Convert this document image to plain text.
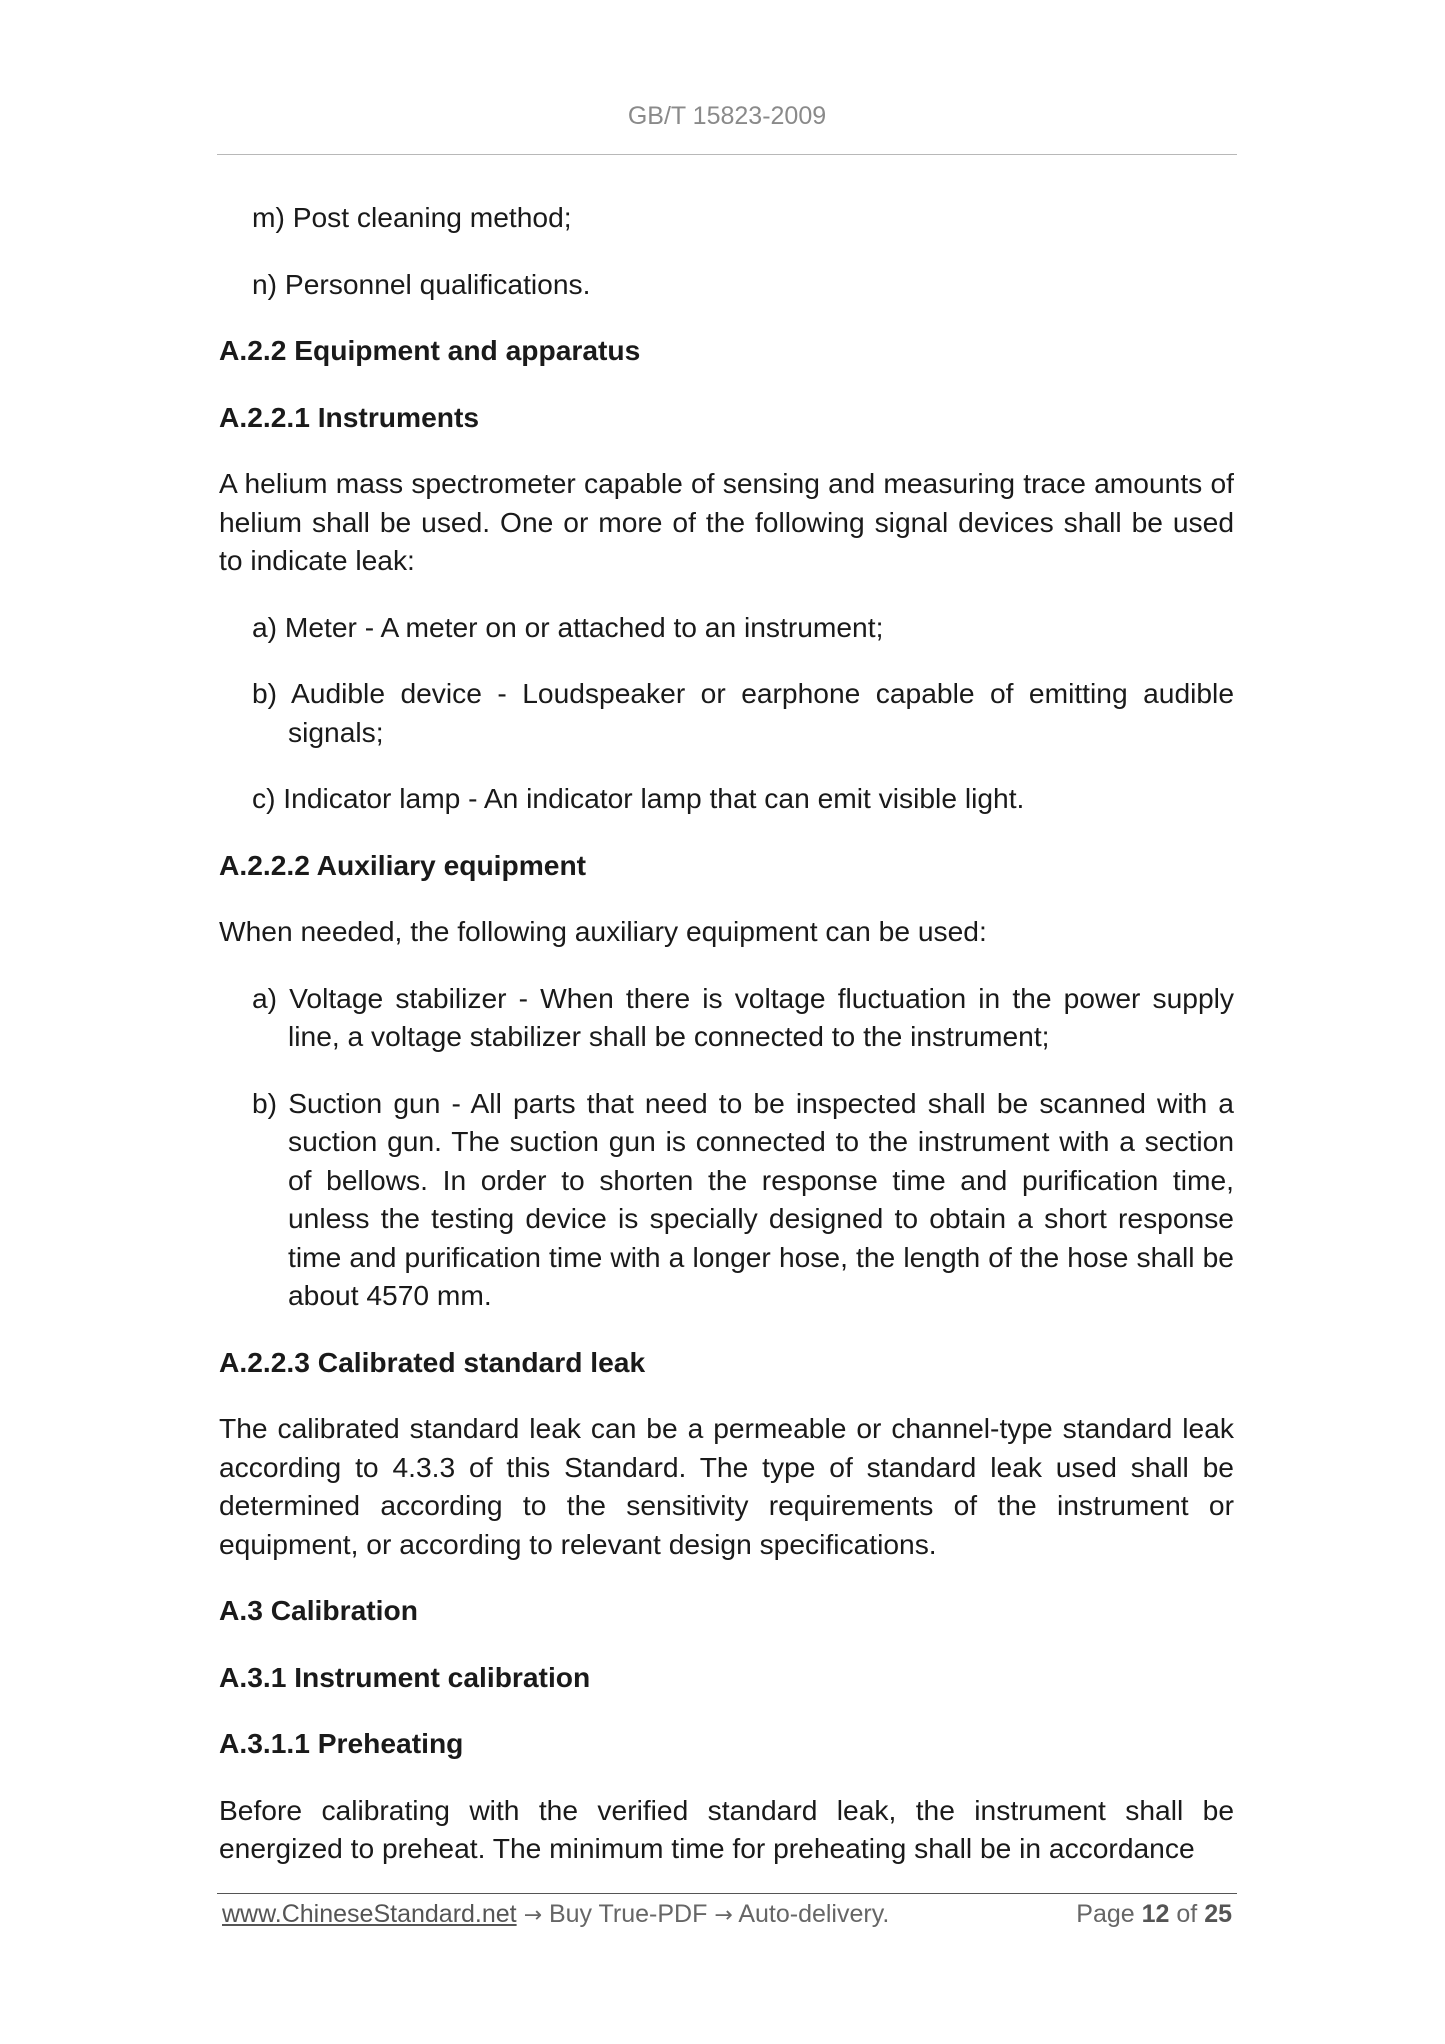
GB/T 15823-2009

m) Post cleaning method;

n) Personnel qualifications.

A.2.2 Equipment and apparatus

A.2.2.1 Instruments

A helium mass spectrometer capable of sensing and measuring trace amounts of helium shall be used. One or more of the following signal devices shall be used to indicate leak:

a) Meter - A meter on or attached to an instrument;

b) Audible device - Loudspeaker or earphone capable of emitting audible signals;

c) Indicator lamp - An indicator lamp that can emit visible light.

A.2.2.2 Auxiliary equipment

When needed, the following auxiliary equipment can be used:

a) Voltage stabilizer - When there is voltage fluctuation in the power supply line, a voltage stabilizer shall be connected to the instrument;

b) Suction gun - All parts that need to be inspected shall be scanned with a suction gun. The suction gun is connected to the instrument with a section of bellows. In order to shorten the response time and purification time, unless the testing device is specially designed to obtain a short response time and purification time with a longer hose, the length of the hose shall be about 4570 mm.

A.2.2.3 Calibrated standard leak

The calibrated standard leak can be a permeable or channel-type standard leak according to 4.3.3 of this Standard. The type of standard leak used shall be determined according to the sensitivity requirements of the instrument or equipment, or according to relevant design specifications.

A.3 Calibration

A.3.1 Instrument calibration

A.3.1.1 Preheating

Before calibrating with the verified standard leak, the instrument shall be energized to preheat. The minimum time for preheating shall be in accordance

www.ChineseStandard.net → Buy True-PDF → Auto-delivery.	Page 12 of 25
